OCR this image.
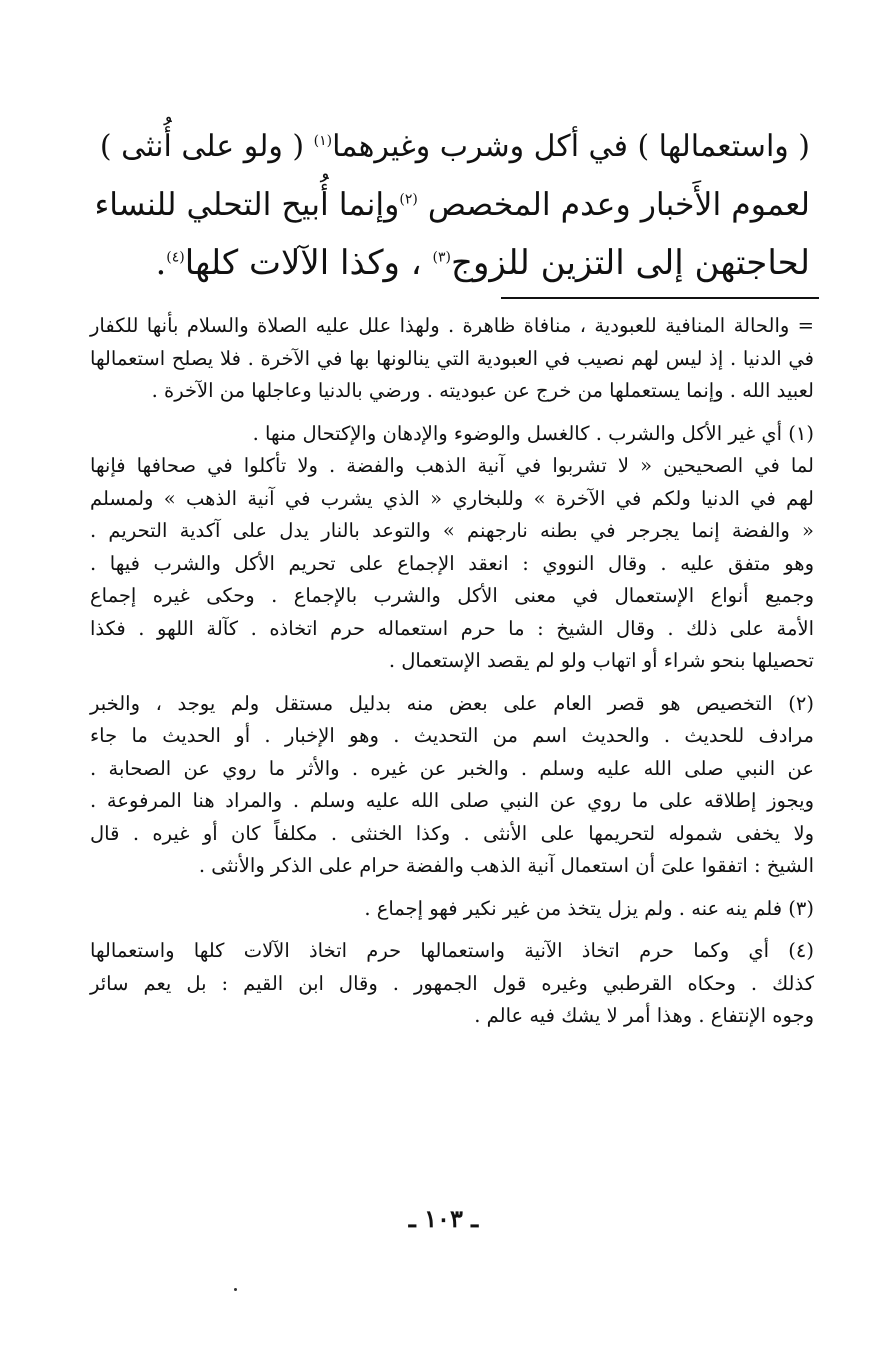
( واستعمالها ) في أكل وشرب وغيرهما$^{(١)}$ ( ولو على أُنثى )
لعموم الأَخبار وعدم المخصص $^{(٢)}$وإنما أُبيح التحلي للنساء
لحاجتهن إلى التزين للزوج$^{(٣)}$ ، وكذا الآلات كلها$^{(٤)}$.
= والحالة المنافية للعبودية ، منافاة ظاهرة . ولهذا علل عليه الصلاة والسلام بأنها للكفار
في الدنيا . إذ ليس لهم نصيب في العبودية التي ينالونها بها في الآخرة . فلا يصلح استعمالها
لعبيد الله . وإنما يستعملها من خرج عن عبوديته . ورضي بالدنيا وعاجلها من الآخرة .
(١) أي غير الأكل والشرب . كالغسل والوضوء والإدهان والإكتحال منها .
لما في الصحيحين « لا تشربوا في آنية الذهب والفضة . ولا تأكلوا في صحافها فإنها
لهم في الدنيا ولكم في الآخرة » وللبخاري « الذي يشرب في آنية الذهب » ولمسلم
« والفضة إنما يجرجر في بطنه نارجهنم » والتوعد بالنار يدل على آكدية التحريم .
وهو متفق عليه . وقال النووي : انعقد الإجماع على تحريم الأكل والشرب فيها .
وجميع أنواع الإستعمال في معنى الأكل والشرب بالإجماع . وحكى غيره إجماع
الأمة على ذلك . وقال الشيخ : ما حرم استعماله حرم اتخاذه . كآلة اللهو . فكذا
تحصيلها بنحو شراء أو اتهاب ولو لم يقصد الإستعمال .
(٢) التخصيص هو قصر العام على بعض منه بدليل مستقل ولم يوجد ، والخبر
مرادف للحديث . والحديث اسم من التحديث . وهو الإخبار . أو الحديث ما جاء
عن النبي صلى الله عليه وسلم . والخبر عن غيره . والأثر ما روي عن الصحابة .
ويجوز إطلاقه على ما روي عن النبي صلى الله عليه وسلم . والمراد هنا المرفوعة .
ولا يخفى شموله لتحريمها على الأنثى . وكذا الخنثى . مكلفاً كان أو غيره . قال
الشيخ : اتفقوا علىَ أن استعمال آنية الذهب والفضة حرام على الذكر والأنثى .
(٣) فلم ينه عنه . ولم يزل يتخذ من غير نكير فهو إجماع .
(٤) أي وكما حرم اتخاذ الآنية واستعمالها حرم اتخاذ الآلات كلها واستعمالها
كذلك . وحكاه القرطبي وغيره قول الجمهور . وقال ابن القيم : بل يعم سائر
وجوه الإنتفاع . وهذا أمر لا يشك فيه عالم .
ـ ١٠٣ ـ
